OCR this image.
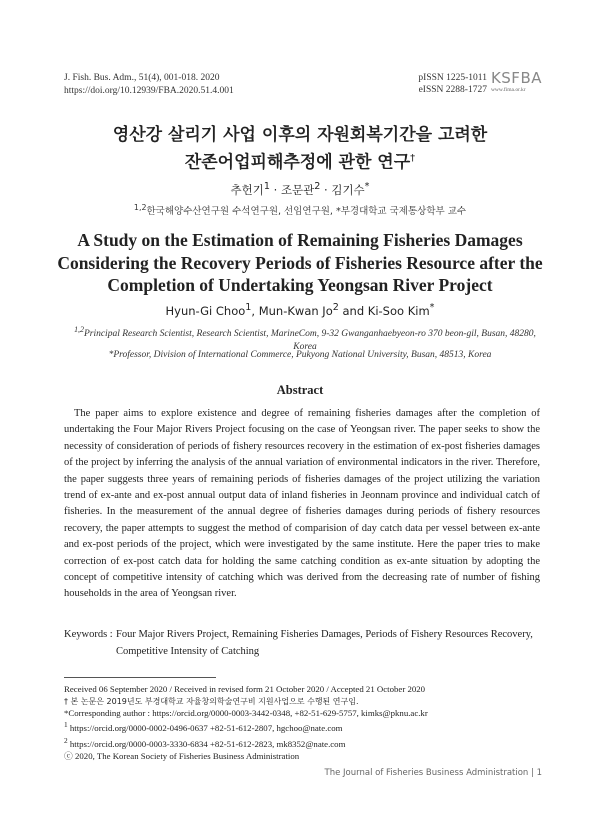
J. Fish. Bus. Adm., 51(4), 001-018. 2020
https://doi.org/10.12939/FBA.2020.51.4.001
pISSN 1225-1011
eISSN 2288-1727
KSFBA
www.fima.or.kr
영산강 살리기 사업 이후의 자원회복기간을 고려한
잔존어업피해추정에 관한 연구†
추헌기$^1$ · 조문관$^2$ · 김기수*
$^{1,2}$한국해양수산연구원 수석연구원, 선임연구원, *부경대학교 국제통상학부 교수
A Study on the Estimation of Remaining Fisheries Damages
Considering the Recovery Periods of Fisheries Resource after the
Completion of Undertaking Yeongsan River Project
Hyun-Gi Choo$^1$, Mun-Kwan Jo$^2$ and Ki-Soo Kim*
$^{1,2}$Principal Research Scientist, Research Scientist, MarineCom, 9-32 Gwanganhaebyeon-ro 370 beon-gil, Busan, 48280, Korea
*Professor, Division of International Commerce, Pukyong National University, Busan, 48513, Korea
Abstract

The paper aims to explore existence and degree of remaining fisheries damages after the completion of undertaking the Four Major Rivers Project focusing on the case of Yeongsan river. The paper seeks to show the necessity of consideration of periods of fishery resources recovery in the estimation of ex-post fisheries damages of the project by inferring the analysis of the annual variation of environmental indicators in the river. Therefore, the paper suggests three years of remaining periods of fisheries damages of the project utilizing the variation trend of ex-ante and ex-post annual output data of inland fisheries in Jeonnam province and individual catch of fisheries. In the measurement of the annual degree of fisheries damages during periods of fishery resources recovery, the paper attempts to suggest the method of comparision of day catch data per vessel between ex-ante and ex-post periods of the project, which were investigated by the same institute. Here the paper tries to make correction of ex-post catch data for holding the same catching condition as ex-ante situation by adopting the concept of competitive intensity of catching which was derived from the decreasing rate of number of fishing households in the area of Yeongsan river.

Keywords : Four Major Rivers Project, Remaining Fisheries Damages, Periods of Fishery Resources Recovery,
Competitive Intensity of Catching
Received 06 September 2020 / Received in revised form 21 October 2020 / Accepted 21 October 2020
† 본 논문은 2019년도 부경대학교 자율창의학술연구비 지원사업으로 수행된 연구임.
*Corresponding author : https://orcid.org/0000-0003-3442-0348, +82-51-629-5757, kimks@pknu.ac.kr
$^1$ https://orcid.org/0000-0002-0496-0637 +82-51-612-2807, hgchoo@nate.com
$^2$ https://orcid.org/0000-0003-3330-6834 +82-51-612-2823, mk8352@nate.com
ⓒ 2020, The Korean Society of Fisheries Business Administration
The Journal of Fisheries Business Administration | 1
